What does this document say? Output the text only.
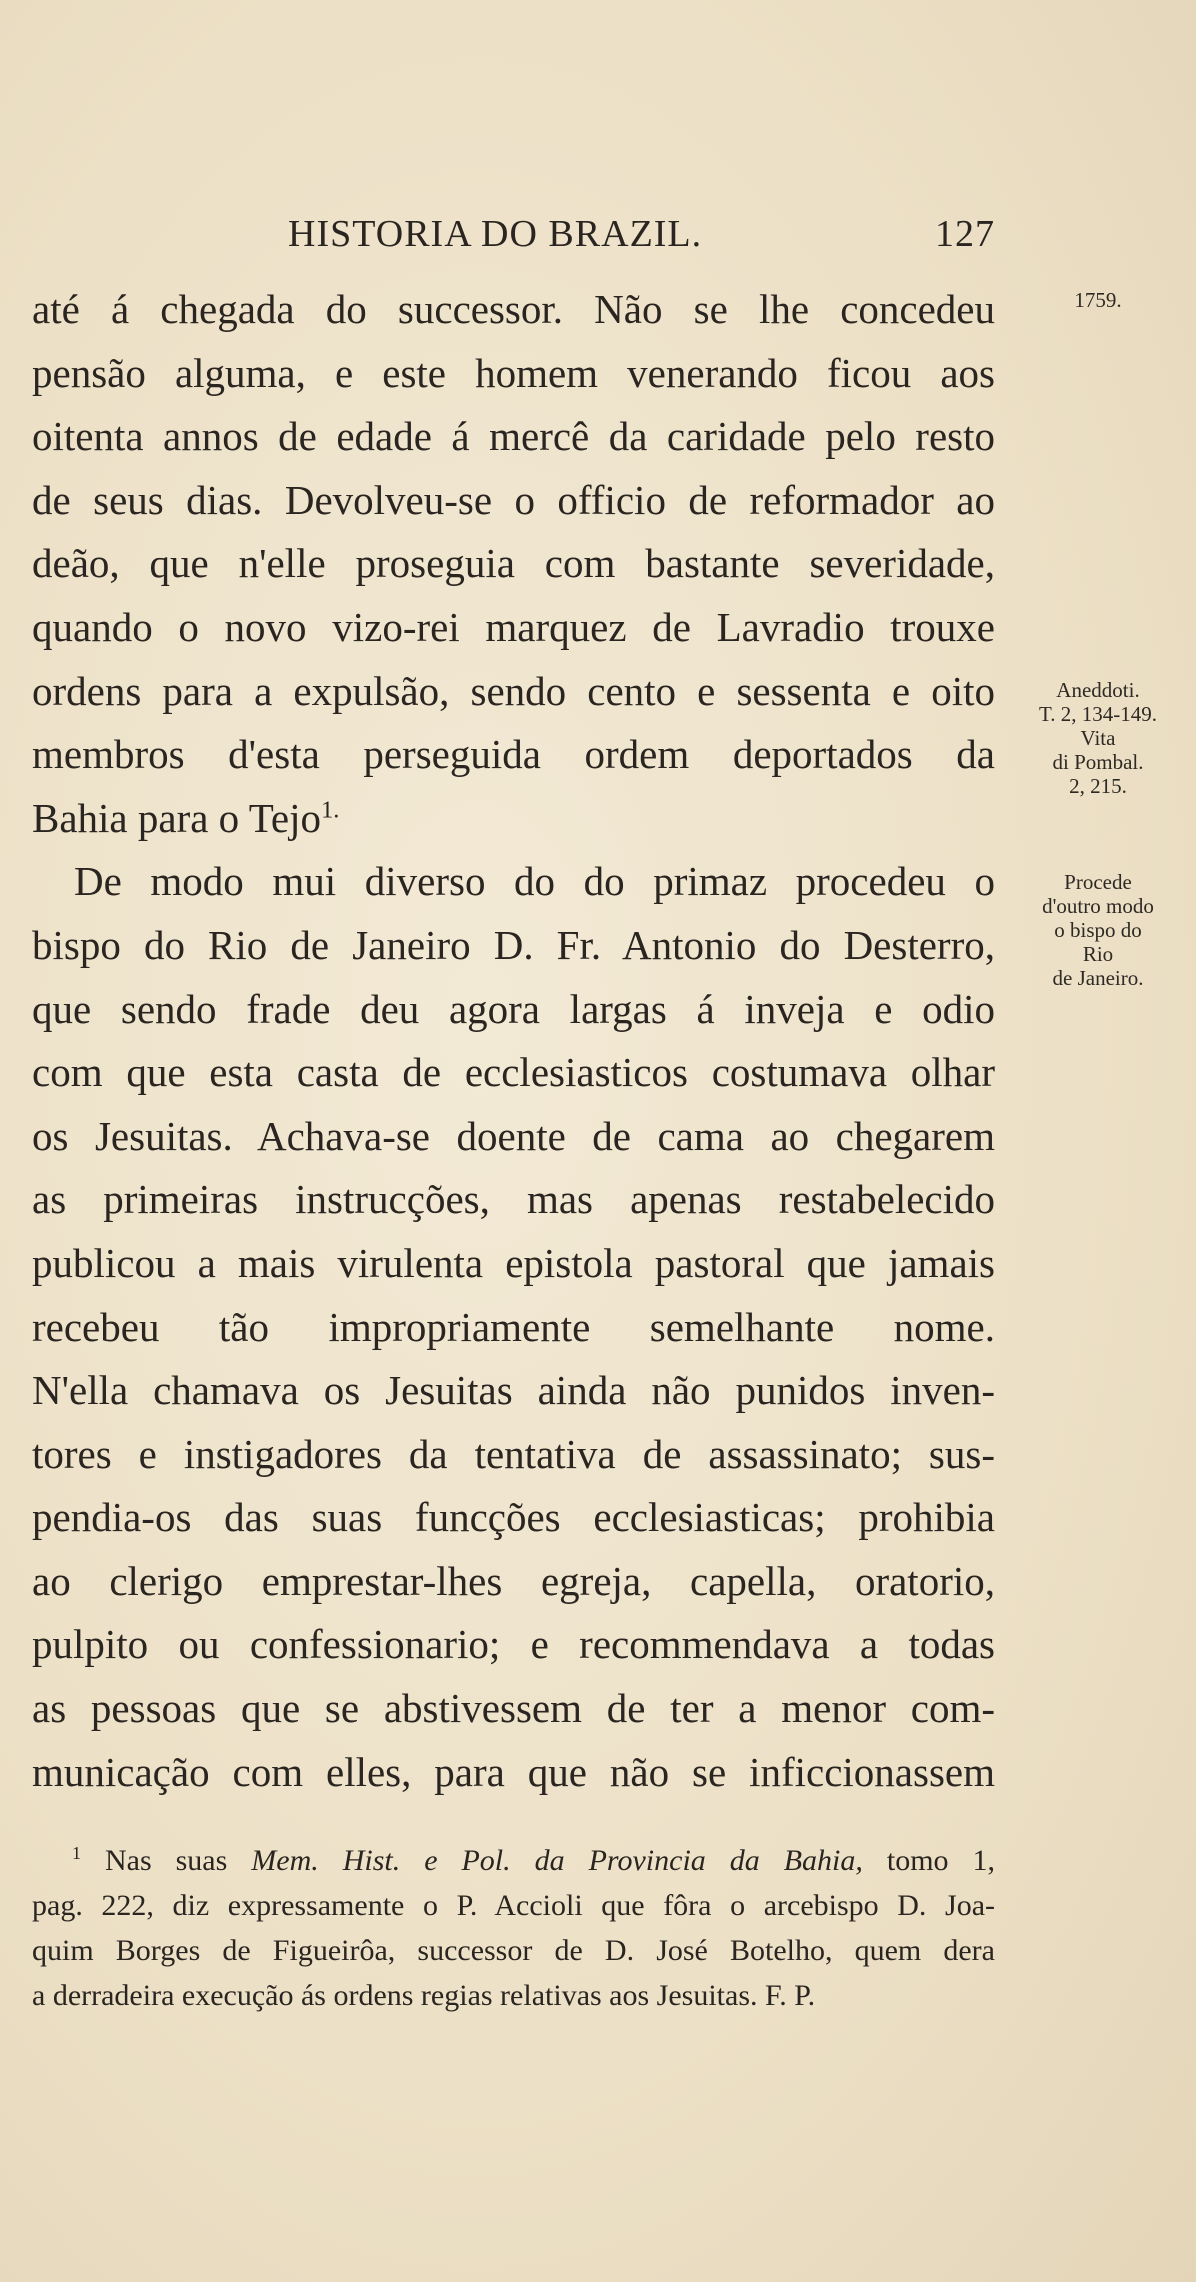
HISTORIA DO BRAZIL.	127
até á chegada do successor. Não se lhe concedeu
pensão alguma, e este homem venerando ficou aos
oitenta annos de edade á mercê da caridade pelo resto
de seus dias. Devolveu-se o officio de reformador ao
deão, que n'elle proseguia com bastante severidade,
quando o novo vizo-rei marquez de Lavradio trouxe
ordens para a expulsão, sendo cento e sessenta e oito
membros d'esta perseguida ordem deportados da
Bahia para o Tejo$^{1.}$
De modo mui diverso do do primaz procedeu o
bispo do Rio de Janeiro D. Fr. Antonio do Desterro,
que sendo frade deu agora largas á inveja e odio
com que esta casta de ecclesiasticos costumava olhar
os Jesuitas. Achava-se doente de cama ao chegarem
as primeiras instrucções, mas apenas restabelecido
publicou a mais virulenta epistola pastoral que jamais
recebeu tão impropriamente semelhante nome.
N'ella chamava os Jesuitas ainda não punidos inven-
tores e instigadores da tentativa de assassinato; sus-
pendia-os das suas funcções ecclesiasticas; prohibia
ao clerigo emprestar-lhes egreja, capella, oratorio,
pulpito ou confessionario; e recommendava a todas
as pessoas que se abstivessem de ter a menor com-
municação com elles, para que não se inficcionassem
1759.
Aneddoti.
T. 2, 134-149.
Vita
di Pombal.
2, 215.
Procede
d'outro modo
o bispo do
Rio
de Janeiro.
$^1$ Nas suas Mem. Hist. e Pol. da Provincia da Bahia, tomo 1,
pag. 222, diz expressamente o P. Accioli que fôra o arcebispo D. Joa-
quim Borges de Figueirôa, successor de D. José Botelho, quem dera
a derradeira execução ás ordens regias relativas aos Jesuitas. F. P.
